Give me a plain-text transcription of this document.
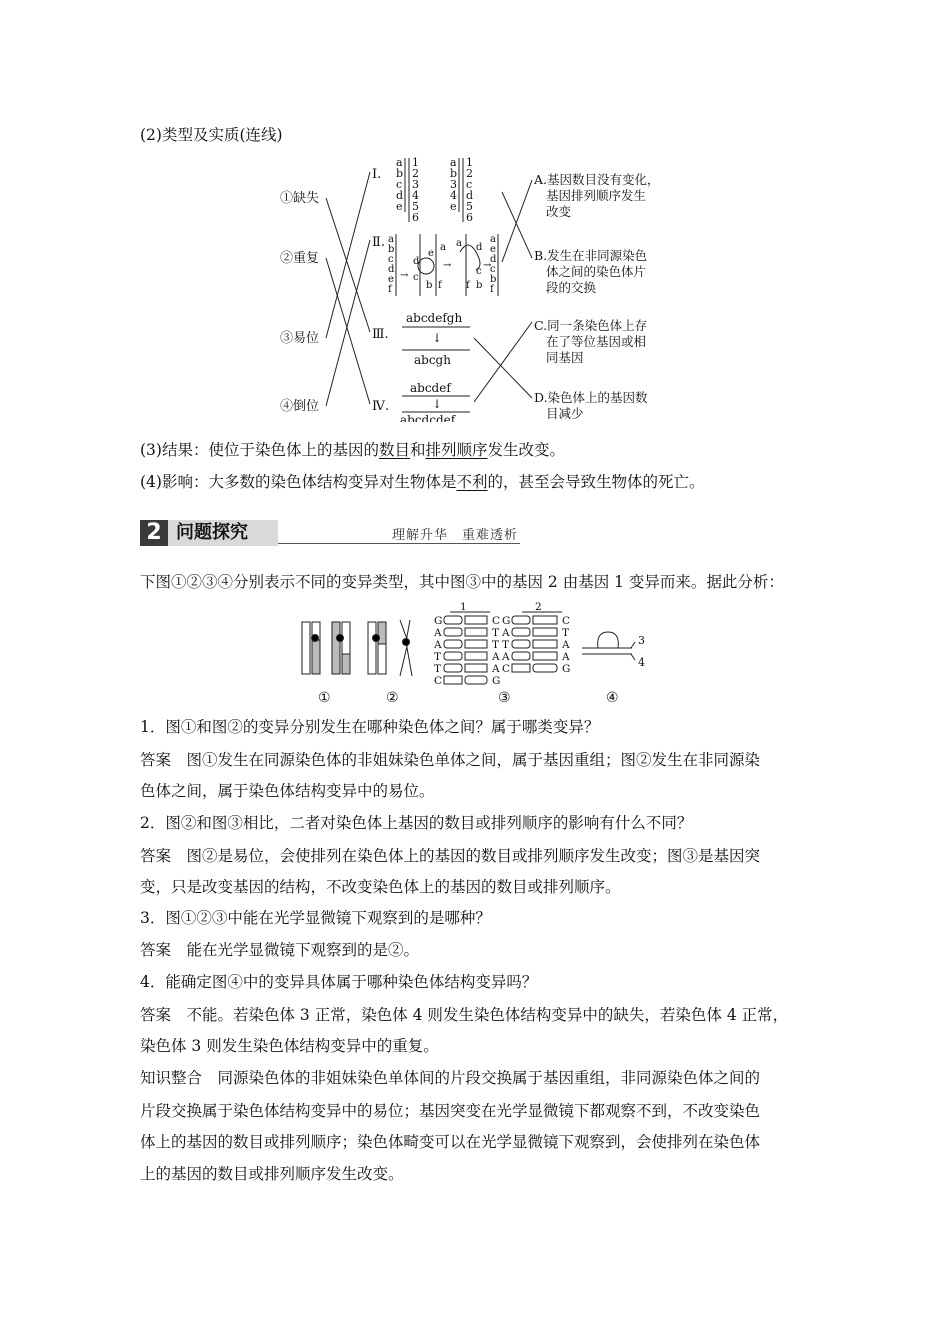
(2)类型及实质(连线)
①缺失
②重复
③易位
④倒位
Ⅰ.
Ⅱ.
Ⅲ.
Ⅳ.
a
b
c
d
e
1
2
3
4
5
6
a
b
3
4
e
1
2
c
d
5
6
a
b
c
d
e
f
→
e
a
d
c
b f
→
a d
c
f b
→
a
e
d
c
b
f
abcdefgh
↓
abcgh
abcdef
↓
abcdcdef
A.基因数目没有变化，
基因排列顺序发生
改变
B.发生在非同源染色
体之间的染色体片
段的交换
C.同一条染色体上存
在了等位基因或相
同基因
D.染色体上的基因数
目减少
(3)结果：使位于染色体上的基因的数目和排列顺序发生改变。
(4)影响：大多数的染色体结构变异对生物体是不利的，甚至会导致生物体的死亡。
2 问题探究	理解升华　重难透析
下图①②③④分别表示不同的变异类型，其中图③中的基因 2 由基因 1 变异而来。据此分析：
①	②
1	2
G
A
A
T
T
C
C
T
T
A
A
G
G
A
T
A
C
C
T
A
A
G
③
3
4
④
1．图①和图②的变异分别发生在哪种染色体之间？属于哪类变异？
答案　图①发生在同源染色体的非姐妹染色单体之间，属于基因重组；图②发生在非同源染
色体之间，属于染色体结构变异中的易位。
2．图②和图③相比，二者对染色体上基因的数目或排列顺序的影响有什么不同？
答案　图②是易位，会使排列在染色体上的基因的数目或排列顺序发生改变；图③是基因突
变，只是改变基因的结构，不改变染色体上的基因的数目或排列顺序。
3．图①②③中能在光学显微镜下观察到的是哪种？
答案　能在光学显微镜下观察到的是②。
4．能确定图④中的变异具体属于哪种染色体结构变异吗？
答案　不能。若染色体 3 正常，染色体 4 则发生染色体结构变异中的缺失，若染色体 4 正常，
染色体 3 则发生染色体结构变异中的重复。
知识整合　同源染色体的非姐妹染色单体间的片段交换属于基因重组，非同源染色体之间的
片段交换属于染色体结构变异中的易位；基因突变在光学显微镜下都观察不到，不改变染色
体上的基因的数目或排列顺序；染色体畸变可以在光学显微镜下观察到，会使排列在染色体
上的基因的数目或排列顺序发生改变。
